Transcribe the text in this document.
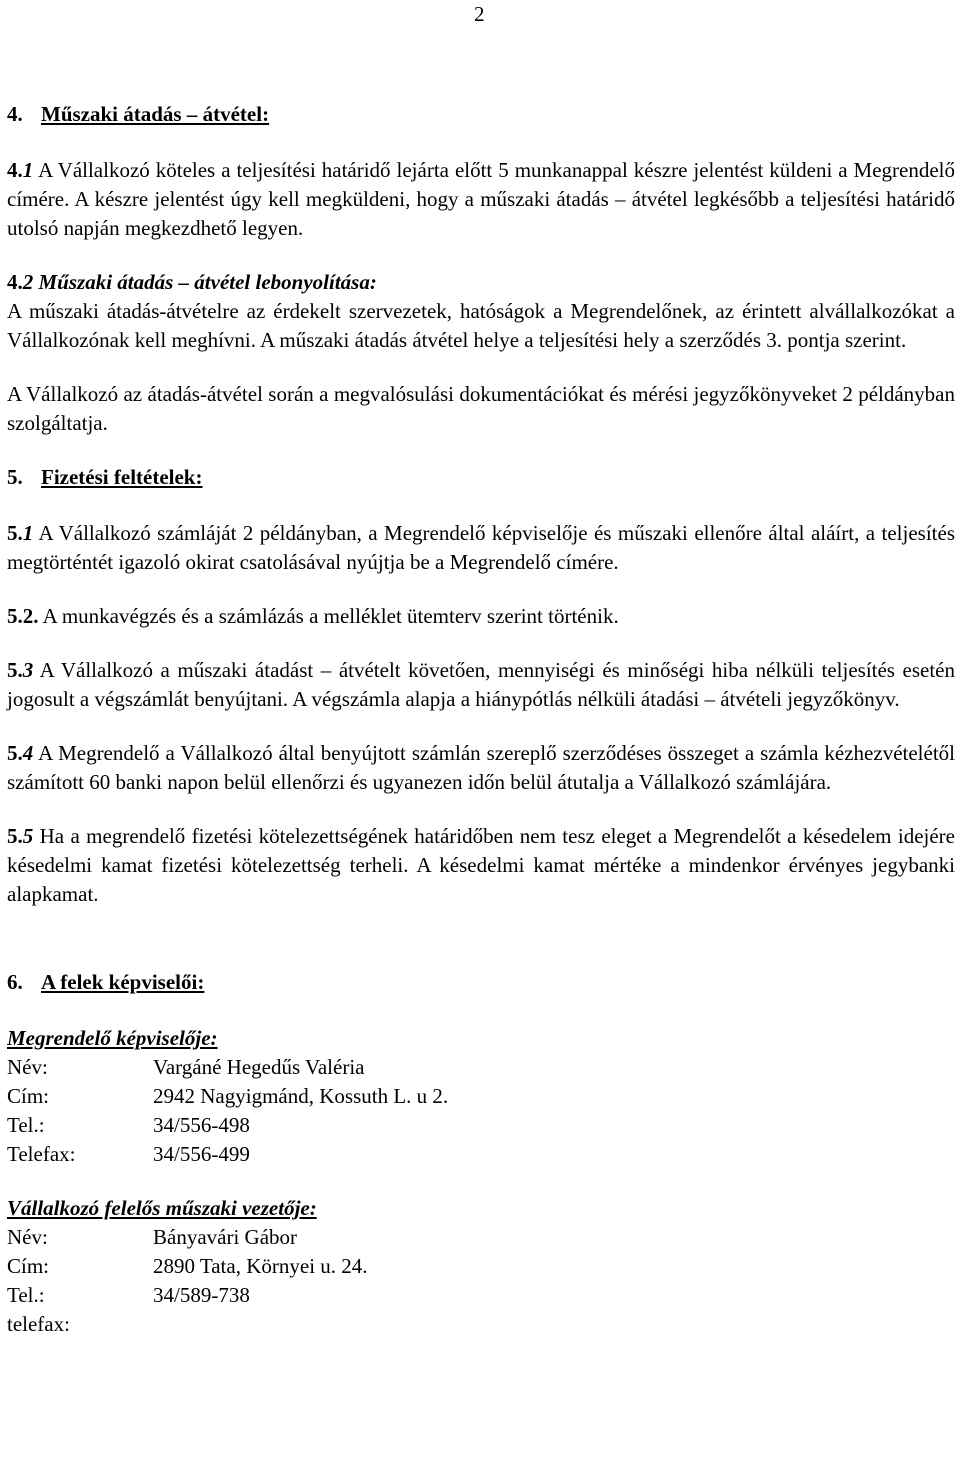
2
4. Műszaki átadás – átvétel:

4.1 A Vállalkozó köteles a teljesítési határidő lejárta előtt 5 munkanappal készre jelentést küldeni a Megrendelő címére. A készre jelentést úgy kell megküldeni, hogy a műszaki átadás – átvétel legkésőbb a teljesítési határidő utolsó napján megkezdhető legyen.

4.2 Műszaki átadás – átvétel lebonyolítása:

A műszaki átadás-átvételre az érdekelt szervezetek, hatóságok a Megrendelőnek, az érintett alvállalkozókat a Vállalkozónak kell meghívni. A műszaki átadás átvétel helye a teljesítési hely a szerződés 3. pontja szerint.

A Vállalkozó az átadás-átvétel során a megvalósulási dokumentációkat és mérési jegyzőkönyveket 2 példányban szolgáltatja.

5. Fizetési feltételek:

5.1 A Vállalkozó számláját 2 példányban, a Megrendelő képviselője és műszaki ellenőre által aláírt, a teljesítés megtörténtét igazoló okirat csatolásával nyújtja be a Megrendelő címére.

5.2. A munkavégzés és a számlázás a melléklet ütemterv szerint történik.

5.3 A Vállalkozó a műszaki átadást – átvételt követően, mennyiségi és minőségi hiba nélküli teljesítés esetén jogosult a végszámlát benyújtani. A végszámla alapja a hiánypótlás nélküli átadási – átvételi jegyzőkönyv.

5.4 A Megrendelő a Vállalkozó által benyújtott számlán szereplő szerződéses összeget a számla kézhezvételétől számított 60 banki napon belül ellenőrzi és ugyanezen időn belül átutalja a Vállalkozó számlájára.

5.5 Ha a megrendelő fizetési kötelezettségének határidőben nem tesz eleget a Megrendelőt a késedelem idejére késedelmi kamat fizetési kötelezettség terheli. A késedelmi kamat mértéke a mindenkor érvényes jegybanki alapkamat.

6. A felek képviselői:
Megrendelő képviselője:
Név:	Vargáné Hegedűs Valéria
Cím:	2942 Nagyigmánd, Kossuth L. u 2.
Tel.:	34/556-498
Telefax:	34/556-499
Vállalkozó felelős műszaki vezetője:
Név:	Bányavári Gábor
Cím:	2890 Tata, Környei u. 24.
Tel.:	34/589-738
telefax:
